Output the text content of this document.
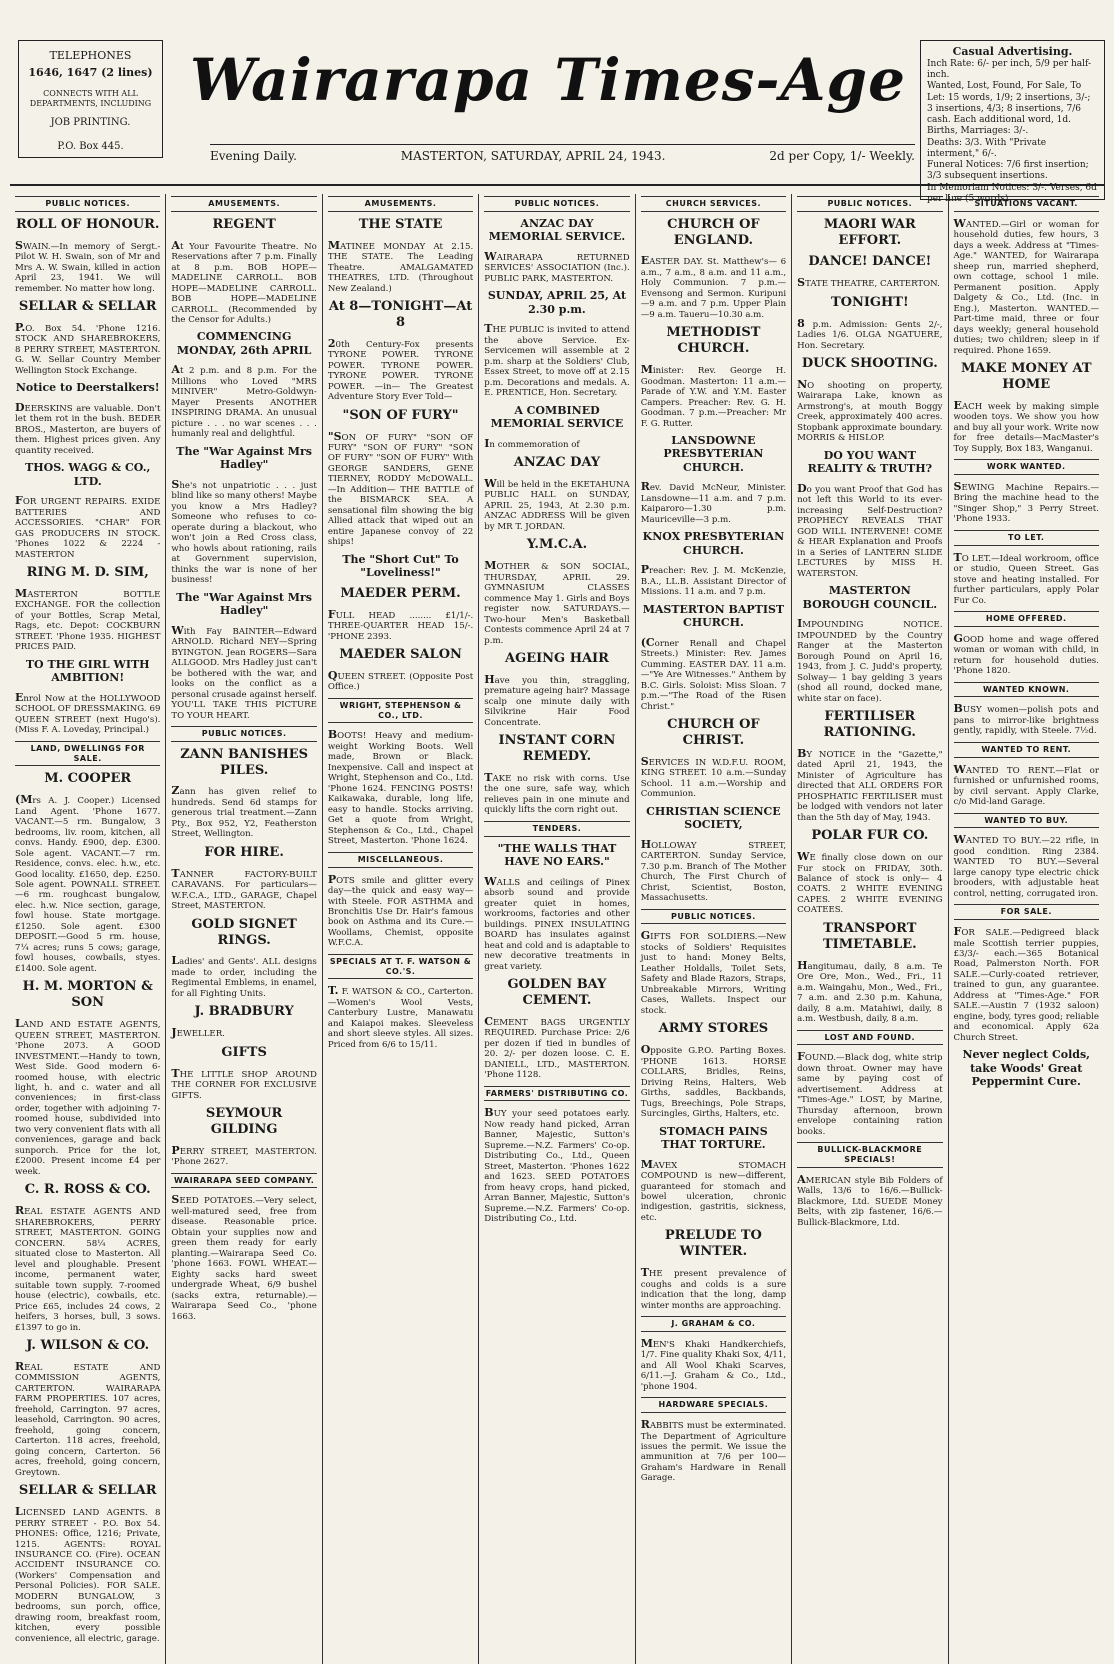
TELEPHONES
1646, 1647 (2 lines)
CONNECTS WITH ALL DEPARTMENTS, INCLUDING
JOB PRINTING.
P.O. Box 445.
Wairarapa Times-Age
Evening Daily.	MASTERTON, SATURDAY, APRIL 24, 1943.	2d per Copy, 1/- Weekly.
Casual Advertising.
Inch Rate: 6/- per inch, 5/9 per half-inch.
Wanted, Lost, Found, For Sale, To Let: 15 words, 1/9; 2 insertions, 3/-; 3 insertions, 4/3; 8 insertions, 7/6 cash. Each additional word, 1d.
Births, Marriages: 3/-.
Deaths: 3/3. With "Private interment," 6/-.
Funeral Notices: 7/6 first insertion; 3/3 subsequent insertions.
In Memoriam Notices: 3/-. Verses, 6d per line (5 words)
PUBLIC NOTICES.
ROLL OF HONOUR.
SWAIN.—In memory of Sergt.-Pilot W. H. Swain, son of Mr and Mrs A. W. Swain, killed in action April 23, 1941. We will remember. No matter how long.
SELLAR & SELLAR
P.O. Box 54. 'Phone 1216. STOCK AND SHAREBROKERS, 8 PERRY STREET, MASTERTON. G. W. Sellar Country Member Wellington Stock Exchange.
Notice to Deerstalkers!
DEERSKINS are valuable. Don't let them rot in the bush. BEDER BROS., Masterton, are buyers of them. Highest prices given. Any quantity received.
THOS. WAGG & CO., LTD.
FOR URGENT REPAIRS. EXIDE BATTERIES AND ACCESSORIES. "CHAR" FOR GAS PRODUCERS IN STOCK. 'Phones 1022 & 2224 - MASTERTON
RING M. D. SIM,
MASTERTON BOTTLE EXCHANGE. FOR the collection of your Bottles, Scrap Metal, Rags, etc. Depot: COCKBURN STREET. 'Phone 1935. HIGHEST PRICES PAID.
TO THE GIRL WITH AMBITION!
Enrol Now at the HOLLYWOOD SCHOOL OF DRESSMAKING. 69 QUEEN STREET (next Hugo's). (Miss F. A. Loveday, Principal.)
LAND, DWELLINGS FOR SALE.
M. COOPER
(Mrs A. J. Cooper.) Licensed Land Agent. 'Phone 1677. VACANT.—5 rm. Bungalow, 3 bedrooms, liv. room, kitchen, all convs. Handy. £900, dep. £300. Sole agent. VACANT.—7 rm. Residence, convs. elec. h.w., etc. Good locality. £1650, dep. £250. Sole agent. POWNALL STREET.—6 rm. roughcast bungalow, elec. h.w. Nice section, garage, fowl house. State mortgage. £1250. Sole agent. £300 DEPOSIT.—Good 5 rm. house, 7¼ acres; runs 5 cows; garage, fowl houses, cowbails, styes. £1400. Sole agent.
H. M. MORTON & SON
LAND AND ESTATE AGENTS, QUEEN STREET, MASTERTON. 'Phone 2073. A GOOD INVESTMENT.—Handy to town, West Side. Good modern 6-roomed house, with electric light, h. and c. water and all conveniences; in first-class order, together with adjoining 7-roomed house, subdivided into two very convenient flats with all conveniences, garage and back sunporch. Price for the lot, £2000. Present income £4 per week.
C. R. ROSS & CO.
REAL ESTATE AGENTS AND SHAREBROKERS, PERRY STREET, MASTERTON. GOING CONCERN. 58¼ ACRES, situated close to Masterton. All level and ploughable. Present income, permanent water, suitable town supply. 7-roomed house (electric), cowbails, etc. Price £65, includes 24 cows, 2 heifers, 3 horses, bull, 3 sows. £1397 to go in.
J. WILSON & CO.
REAL ESTATE AND COMMISSION AGENTS, CARTERTON. WAIRARAPA FARM PROPERTIES. 107 acres, freehold, Carrington. 97 acres, leasehold, Carrington. 90 acres, freehold, going concern, Carterton. 118 acres, freehold, going concern, Carterton. 56 acres, freehold, going concern, Greytown.
SELLAR & SELLAR
LICENSED LAND AGENTS. 8 PERRY STREET - P.O. Box 54. PHONES: Office, 1216; Private, 1215. AGENTS: ROYAL INSURANCE CO. (Fire). OCEAN ACCIDENT INSURANCE CO. (Workers' Compensation and Personal Policies). FOR SALE. MODERN BUNGALOW, 3 bedrooms, sun porch, office, drawing room, breakfast room, kitchen, every possible convenience, all electric, garage.
AMUSEMENTS.
REGENT
At Your Favourite Theatre. No Reservations after 7 p.m. Finally at 8 p.m. BOB HOPE—MADELINE CARROLL. BOB HOPE—MADELINE CARROLL. BOB HOPE—MADELINE CARROLL. (Recommended by the Censor for Adults.)
COMMENCING MONDAY, 26th APRIL
At 2 p.m. and 8 p.m. For the Millions who Loved "MRS MINIVER" Metro-Goldwyn-Mayer Presents ANOTHER INSPIRING DRAMA. An unusual picture . . . no war scenes . . . humanly real and delightful.
The "War Against Mrs Hadley"
She's not unpatriotic . . . just blind like so many others! Maybe you know a Mrs Hadley? Someone who refuses to co-operate during a blackout, who won't join a Red Cross class, who howls about rationing, rails at Government supervision, thinks the war is none of her business!
The "War Against Mrs Hadley"
With Fay BAINTER—Edward ARNOLD. Richard NEY—Spring BYINGTON. Jean ROGERS—Sara ALLGOOD. Mrs Hadley just can't be bothered with the war, and looks on the conflict as a personal crusade against herself. YOU'LL TAKE THIS PICTURE TO YOUR HEART.
PUBLIC NOTICES.
ZANN BANISHES PILES.
Zann has given relief to hundreds. Send 6d stamps for generous trial treatment.—Zann Pty., Box 952, Y2, Featherston Street, Wellington.
FOR HIRE.
TANNER FACTORY-BUILT CARAVANS. For particulars—W.F.C.A., LTD., GARAGE, Chapel Street, MASTERTON.
GOLD SIGNET RINGS.
Ladies' and Gents'. ALL designs made to order, including the Regimental Emblems, in enamel, for all Fighting Units.
J. BRADBURY
JEWELLER.
GIFTS
THE LITTLE SHOP AROUND THE CORNER FOR EXCLUSIVE GIFTS.
SEYMOUR GILDING
PERRY STREET, MASTERTON. 'Phone 2627.
WAIRARAPA SEED COMPANY.
SEED POTATOES.—Very select, well-matured seed, free from disease. Reasonable price. Obtain your supplies now and green them ready for early planting.—Wairarapa Seed Co. 'phone 1663. FOWL WHEAT.—Eighty sacks hard sweet undergrade Wheat, 6/9 bushel (sacks extra, returnable).—Wairarapa Seed Co., 'phone 1663.
AMUSEMENTS.
THE STATE
MATINEE MONDAY At 2.15. THE STATE. The Leading Theatre. AMALGAMATED THEATRES, LTD. (Throughout New Zealand.)
At 8—TONIGHT—At 8
20th Century-Fox presents TYRONE POWER. TYRONE POWER. TYRONE POWER. TYRONE POWER. TYRONE POWER. —in— The Greatest Adventure Story Ever Told—
"SON OF FURY"
"SON OF FURY" "SON OF FURY" "SON OF FURY" "SON OF FURY" "SON OF FURY" With GEORGE SANDERS, GENE TIERNEY, RODDY McDOWALL. —In Addition— THE BATTLE of the BISMARCK SEA. A sensational film showing the big Allied attack that wiped out an entire Japanese convoy of 22 ships!
The "Short Cut" To "Loveliness!"
MAEDER PERM.
FULL HEAD ........ £1/1/-. THREE-QUARTER HEAD 15/-. 'PHONE 2393.
MAEDER SALON
QUEEN STREET. (Opposite Post Office.)
WRIGHT, STEPHENSON & CO., LTD.
BOOTS! Heavy and medium-weight Working Boots. Well made, Brown or Black. Inexpensive. Call and inspect at Wright, Stephenson and Co., Ltd. 'Phone 1624. FENCING POSTS! Kaikawaka, durable, long life, easy to handle. Stocks arriving. Get a quote from Wright, Stephenson & Co., Ltd., Chapel Street, Masterton. 'Phone 1624.
MISCELLANEOUS.
POTS smile and glitter every day—the quick and easy way—with Steele. FOR ASTHMA and Bronchitis Use Dr. Hair's famous book on Asthma and its Cure.—Woollams, Chemist, opposite W.F.C.A.
SPECIALS AT T. F. WATSON & CO.'S.
T. F. WATSON & CO., Carterton.—Women's Wool Vests, Canterbury Lustre, Manawatu and Kaiapoi makes. Sleeveless and short sleeve styles. All sizes. Priced from 6/6 to 15/11.
PUBLIC NOTICES.
ANZAC DAY MEMORIAL SERVICE.
WAIRARAPA RETURNED SERVICES' ASSOCIATION (Inc.). PUBLIC PARK, MASTERTON.
SUNDAY, APRIL 25, At 2.30 p.m.
THE PUBLIC is invited to attend the above Service. Ex-Servicemen will assemble at 2 p.m. sharp at the Soldiers' Club, Essex Street, to move off at 2.15 p.m. Decorations and medals. A. E. PRENTICE, Hon. Secretary.
A COMBINED MEMORIAL SERVICE
In commemoration of
ANZAC DAY
Will be held in the EKETAHUNA PUBLIC HALL on SUNDAY, APRIL 25, 1943, At 2.30 p.m. ANZAC ADDRESS Will be given by MR T. JORDAN.
Y.M.C.A.
MOTHER & SON SOCIAL, THURSDAY, APRIL 29. GYMNASIUM CLASSES commence May 1. Girls and Boys register now. SATURDAYS.—Two-hour Men's Basketball Contests commence April 24 at 7 p.m.
AGEING HAIR
Have you thin, straggling, premature ageing hair? Massage scalp one minute daily with Silvikrine Hair Food Concentrate.
INSTANT CORN REMEDY.
TAKE no risk with corns. Use the one sure, safe way, which relieves pain in one minute and quickly lifts the corn right out.
TENDERS.
"THE WALLS THAT HAVE NO EARS."
WALLS and ceilings of Pinex absorb sound and provide greater quiet in homes, workrooms, factories and other buildings. PINEX INSULATING BOARD has insulates against heat and cold and is adaptable to new decorative treatments in great variety.
GOLDEN BAY CEMENT.
CEMENT BAGS URGENTLY REQUIRED. Purchase Price: 2/6 per dozen if tied in bundles of 20. 2/- per dozen loose. C. E. DANIELL, LTD., MASTERTON. 'Phone 1128.
FARMERS' DISTRIBUTING CO.
BUY your seed potatoes early. Now ready hand picked, Arran Banner, Majestic, Sutton's Supreme.—N.Z. Farmers' Co-op. Distributing Co., Ltd., Queen Street, Masterton. 'Phones 1622 and 1623. SEED POTATOES from heavy crops, hand picked, Arran Banner, Majestic, Sutton's Supreme.—N.Z. Farmers' Co-op. Distributing Co., Ltd.
CHURCH SERVICES.
CHURCH OF ENGLAND.
EASTER DAY. St. Matthew's— 6 a.m., 7 a.m., 8 a.m. and 11 a.m., Holy Communion. 7 p.m.—Evensong and Sermon. Kuripuni—9 a.m. and 7 p.m. Upper Plain—9 a.m. Taueru—10.30 a.m.
METHODIST CHURCH.
Minister: Rev. George H. Goodman. Masterton: 11 a.m.—Parade of Y.W. and Y.M. Easter Campers. Preacher: Rev. G. H. Goodman. 7 p.m.—Preacher: Mr F. G. Rutter.
LANSDOWNE PRESBYTERIAN CHURCH.
Rev. David McNeur, Minister. Lansdowne—11 a.m. and 7 p.m. Kaiparoro—1.30 p.m. Mauriceville—3 p.m.
KNOX PRESBYTERIAN CHURCH.
Preacher: Rev. J. M. McKenzie, B.A., LL.B. Assistant Director of Missions. 11 a.m. and 7 p.m.
MASTERTON BAPTIST CHURCH.
(Corner Renall and Chapel Streets.) Minister: Rev. James Cumming. EASTER DAY. 11 a.m.—"Ye Are Witnesses." Anthem by B.C. Girls. Soloist: Miss Sloan. 7 p.m.—"The Road of the Risen Christ."
CHURCH OF CHRIST.
SERVICES IN W.D.F.U. ROOM, KING STREET. 10 a.m.—Sunday School. 11 a.m.—Worship and Communion.
CHRISTIAN SCIENCE SOCIETY,
HOLLOWAY STREET, CARTERTON. Sunday Service, 7.30 p.m. Branch of The Mother Church, The First Church of Christ, Scientist, Boston, Massachusetts.
PUBLIC NOTICES.
GIFTS FOR SOLDIERS.—New stocks of Soldiers' Requisites just to hand: Money Belts, Leather Holdalls, Toilet Sets, Safety and Blade Razors, Straps, Unbreakable Mirrors, Writing Cases, Wallets. Inspect our stock.
ARMY STORES
Opposite G.P.O. Parting Boxes. 'PHONE 1613. HORSE COLLARS, Bridles, Reins, Driving Reins, Halters, Web Girths, saddles, Backbands, Tugs, Breechings, Pole Straps, Surcingles, Girths, Halters, etc.
STOMACH PAINS THAT TORTURE.
MAVEX STOMACH COMPOUND is new—different, guaranteed for stomach and bowel ulceration, chronic indigestion, gastritis, sickness, etc.
PRELUDE TO WINTER.
THE present prevalence of coughs and colds is a sure indication that the long, damp winter months are approaching.
J. GRAHAM & CO.
MEN'S Khaki Handkerchiefs, 1/7. Fine quality Khaki Sox, 4/11, and All Wool Khaki Scarves, 6/11.—J. Graham & Co., Ltd., 'phone 1904.
HARDWARE SPECIALS.
RABBITS must be exterminated. The Department of Agriculture issues the permit. We issue the ammunition at 7/6 per 100—Graham's Hardware in Renall Garage.
PUBLIC NOTICES.
MAORI WAR EFFORT.
DANCE! DANCE!
STATE THEATRE, CARTERTON.
TONIGHT!
8 p.m. Admission: Gents 2/-, Ladies 1/6. OLGA NGATUERE, Hon. Secretary.
DUCK SHOOTING.
NO shooting on property, Wairarapa Lake, known as Armstrong's, at mouth Boggy Creek, approximately 400 acres. Stopbank approximate boundary. MORRIS & HISLOP.
DO YOU WANT REALITY & TRUTH?
Do you want Proof that God has not left this World to its ever-increasing Self-Destruction? PROPHECY REVEALS THAT GOD WILL INTERVENE! COME & HEAR Explanation and Proofs in a Series of LANTERN SLIDE LECTURES by MISS H. WATERSTON.
MASTERTON BOROUGH COUNCIL.
IMPOUNDING NOTICE. IMPOUNDED by the Country Ranger at the Masterton Borough Pound on April 16, 1943, from J. C. Judd's property, Solway— 1 bay gelding 3 years (shod all round, docked mane, white star on face).
FERTILISER RATIONING.
BY NOTICE in the "Gazette," dated April 21, 1943, the Minister of Agriculture has directed that ALL ORDERS FOR PHOSPHATIC FERTILISER must be lodged with vendors not later than the 5th day of May, 1943.
POLAR FUR CO.
WE finally close down on our Fur stock on FRIDAY, 30th. Balance of stock is only— 4 COATS. 2 WHITE EVENING CAPES. 2 WHITE EVENING COATEES.
TRANSPORT TIMETABLE.
Hangitumau, daily, 8 a.m. Te Ore Ore, Mon., Wed., Fri., 11 a.m. Waingahu, Mon., Wed., Fri., 7 a.m. and 2.30 p.m. Kahuna, daily, 8 a.m. Matahiwi, daily, 8 a.m. Westbush, daily, 8 a.m.
LOST AND FOUND.
FOUND.—Black dog, white strip down throat. Owner may have same by paying cost of advertisement. Address at "Times-Age." LOST, by Marine, Thursday afternoon, brown envelope containing ration books.
BULLICK-BLACKMORE SPECIALS!
AMERICAN style Bib Folders of Walls, 13/6 to 16/6.—Bullick-Blackmore, Ltd. SUEDE Money Belts, with zip fastener, 16/6.—Bullick-Blackmore, Ltd.
SITUATIONS VACANT.
WANTED.—Girl or woman for household duties, few hours, 3 days a week. Address at "Times-Age." WANTED, for Wairarapa sheep run, married shepherd, own cottage, school 1 mile. Permanent position. Apply Dalgety & Co., Ltd. (Inc. in Eng.), Masterton. WANTED.—Part-time maid, three or four days weekly; general household duties; two children; sleep in if required. Phone 1659.
MAKE MONEY AT HOME
EACH week by making simple wooden toys. We show you how and buy all your work. Write now for free details—MacMaster's Toy Supply, Box 183, Wanganui.
WORK WANTED.
SEWING Machine Repairs.—Bring the machine head to the "Singer Shop," 3 Perry Street. 'Phone 1933.
TO LET.
TO LET.—Ideal workroom, office or studio, Queen Street. Gas stove and heating installed. For further particulars, apply Polar Fur Co.
HOME OFFERED.
GOOD home and wage offered woman or woman with child, in return for household duties. 'Phone 1820.
WANTED KNOWN.
BUSY women—polish pots and pans to mirror-like brightness gently, rapidly, with Steele. 7½d.
WANTED TO RENT.
WANTED TO RENT.—Flat or furnished or unfurnished rooms, by civil servant. Apply Clarke, c/o Mid-land Garage.
WANTED TO BUY.
WANTED TO BUY.—22 rifle, in good condition. Ring 2384. WANTED TO BUY.—Several large canopy type electric chick brooders, with adjustable heat control, netting, corrugated iron.
FOR SALE.
FOR SALE.—Pedigreed black male Scottish terrier puppies, £3/3/- each.—365 Botanical Road, Palmerston North. FOR SALE.—Curly-coated retriever, trained to gun, any guarantee. Address at "Times-Age." FOR SALE.—Austin 7 (1932 saloon) engine, body, tyres good; reliable and economical. Apply 62a Church Street.
Never neglect Colds, take Woods' Great Peppermint Cure.
